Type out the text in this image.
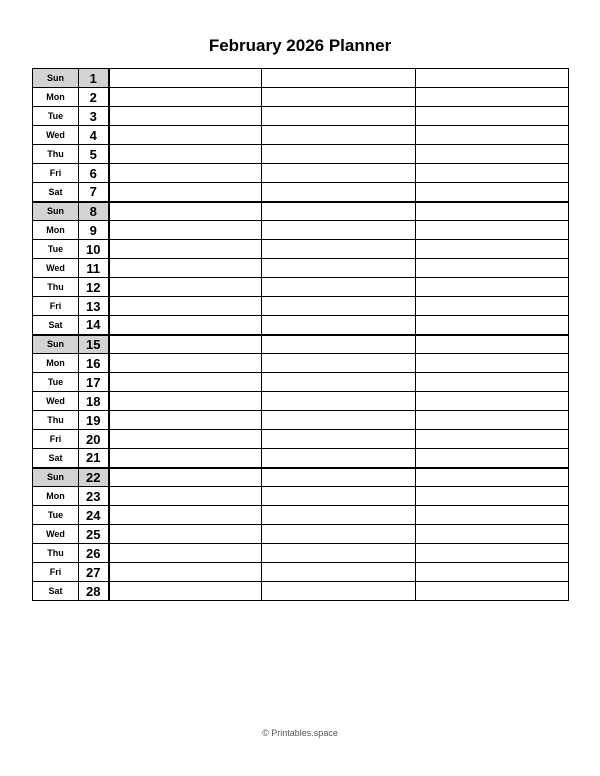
February 2026 Planner
Sun	1			
Mon	2			
Tue	3			
Wed	4			
Thu	5			
Fri	6			
Sat	7			
Sun	8			
Mon	9			
Tue	10			
Wed	11			
Thu	12			
Fri	13			
Sat	14			
Sun	15			
Mon	16			
Tue	17			
Wed	18			
Thu	19			
Fri	20			
Sat	21			
Sun	22			
Mon	23			
Tue	24			
Wed	25			
Thu	26			
Fri	27			
Sat	28			
© Printables.space
